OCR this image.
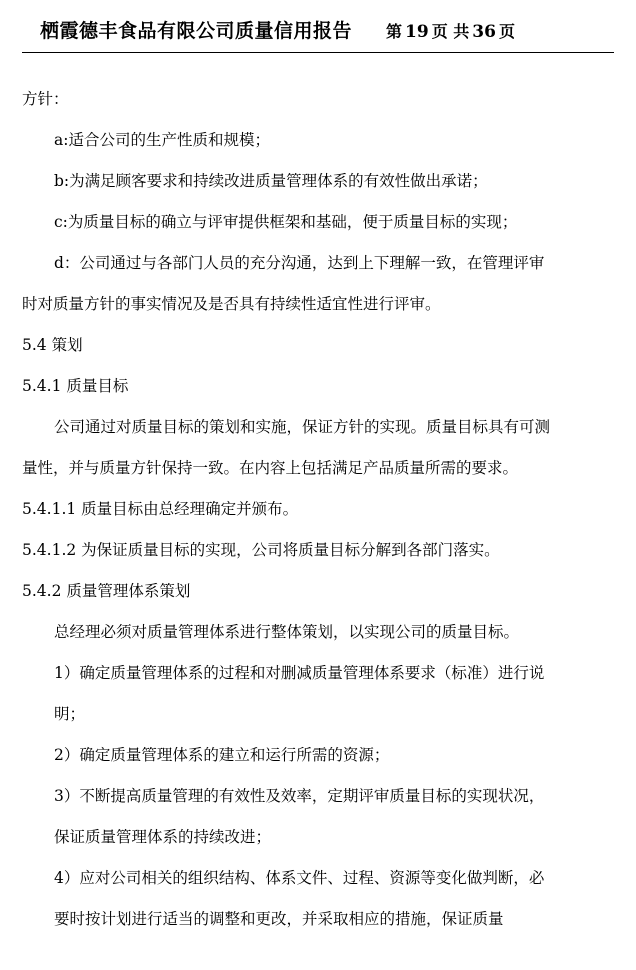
栖霞德丰食品有限公司质量信用报告 第 19 页 共 36 页

方针：

a:适合公司的生产性质和规模；

b:为满足顾客要求和持续改进质量管理体系的有效性做出承诺；

c:为质量目标的确立与评审提供框架和基础，便于质量目标的实现；

d：公司通过与各部门人员的充分沟通，达到上下理解一致，在管理评审

时对质量方针的事实情况及是否具有持续性适宜性进行评审。

5.4 策划

5.4.1 质量目标

公司通过对质量目标的策划和实施，保证方针的实现。质量目标具有可测

量性，并与质量方针保持一致。在内容上包括满足产品质量所需的要求。

5.4.1.1 质量目标由总经理确定并颁布。

5.4.1.2 为保证质量目标的实现，公司将质量目标分解到各部门落实。

5.4.2 质量管理体系策划

总经理必须对质量管理体系进行整体策划，以实现公司的质量目标。

1）确定质量管理体系的过程和对删减质量管理体系要求（标准）进行说

明；

2）确定质量管理体系的建立和运行所需的资源；

3）不断提高质量管理的有效性及效率，定期评审质量目标的实现状况，

保证质量管理体系的持续改进；

4）应对公司相关的组织结构、体系文件、过程、资源等变化做判断，必

要时按计划进行适当的调整和更改，并采取相应的措施，保证质量
